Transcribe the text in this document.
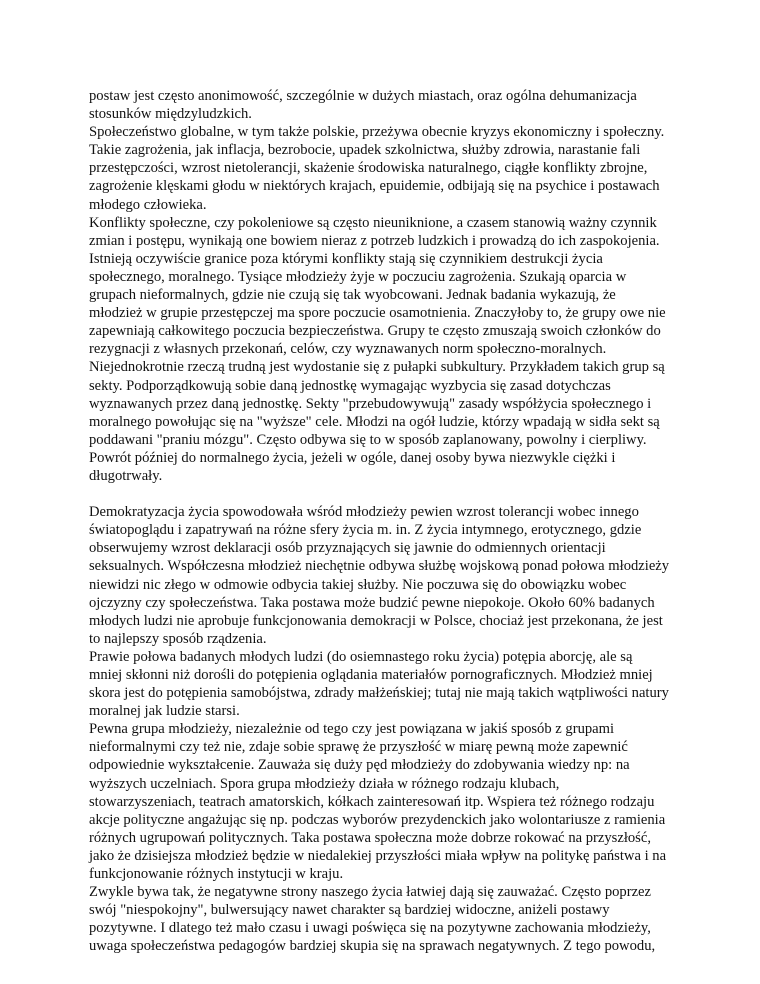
postaw jest często anonimowość, szczególnie w dużych miastach, oraz ogólna dehumanizacja
stosunków międzyludzkich.

Społeczeństwo globalne, w tym także polskie, przeżywa obecnie kryzys ekonomiczny i społeczny.
Takie zagrożenia, jak inflacja, bezrobocie, upadek szkolnictwa, służby zdrowia, narastanie fali
przestępczości, wzrost nietolerancji, skażenie środowiska naturalnego, ciągłe konflikty zbrojne,
zagrożenie klęskami głodu w niektórych krajach, epuidemie, odbijają się na psychice i postawach
młodego człowieka.

Konflikty społeczne, czy pokoleniowe są często nieuniknione, a czasem stanowią ważny czynnik
zmian i postępu, wynikają one bowiem nieraz z potrzeb ludzkich i prowadzą do ich zaspokojenia.
Istnieją oczywiście granice poza którymi konflikty stają się czynnikiem destrukcji życia
społecznego, moralnego. Tysiące młodzieży żyje w poczuciu zagrożenia. Szukają oparcia w
grupach nieformalnych, gdzie nie czują się tak wyobcowani. Jednak badania wykazują, że
młodzież w grupie przestępczej ma spore poczucie osamotnienia. Znaczyłoby to, że grupy owe nie
zapewniają całkowitego poczucia bezpieczeństwa. Grupy te często zmuszają swoich członków do
rezygnacji z własnych przekonań, celów, czy wyznawanych norm społeczno-moralnych.

Niejednokrotnie rzeczą trudną jest wydostanie się z pułapki subkultury. Przykładem takich grup są
sekty. Podporządkowują sobie daną jednostkę wymagając wyzbycia się zasad dotychczas
wyznawanych przez daną jednostkę. Sekty "przebudowywują" zasady współżycia społecznego i
moralnego powołując się na "wyższe" cele. Młodzi na ogół ludzie, którzy wpadają w sidła sekt są
poddawani "praniu mózgu". Często odbywa się to w sposób zaplanowany, powolny i cierpliwy.
Powrót później do normalnego życia, jeżeli w ogóle, danej osoby bywa niezwykle ciężki i
długotrwały.

Demokratyzacja życia spowodowała wśród młodzieży pewien wzrost tolerancji wobec innego
światopoglądu i zapatrywań na różne sfery życia m. in. Z życia intymnego, erotycznego, gdzie
obserwujemy wzrost deklaracji osób przyznających się jawnie do odmiennych orientacji
seksualnych. Współczesna młodzież niechętnie odbywa służbę wojskową ponad połowa młodzieży
niewidzi nic złego w odmowie odbycia takiej służby. Nie poczuwa się do obowiązku wobec
ojczyzny czy społeczeństwa. Taka postawa może budzić pewne niepokoje. Około 60% badanych
młodych ludzi nie aprobuje funkcjonowania demokracji w Polsce, chociaż jest przekonana, że jest
to najlepszy sposób rządzenia.

Prawie połowa badanych młodych ludzi (do osiemnastego roku życia) potępia aborcję, ale są
mniej skłonni niż dorośli do potępienia oglądania materiałów pornograficznych. Młodzież mniej
skora jest do potępienia samobójstwa, zdrady małżeńskiej; tutaj nie mają takich wątpliwości natury
moralnej jak ludzie starsi.

Pewna grupa młodzieży, niezależnie od tego czy jest powiązana w jakiś sposób z grupami
nieformalnymi czy też nie, zdaje sobie sprawę że przyszłość w miarę pewną może zapewnić
odpowiednie wykształcenie. Zauważa się duży pęd młodzieży do zdobywania wiedzy np: na
wyższych uczelniach. Spora grupa młodzieży działa w różnego rodzaju klubach,
stowarzyszeniach, teatrach amatorskich, kółkach zainteresowań itp. Wspiera też różnego rodzaju
akcje polityczne angażując się np. podczas wyborów prezydenckich jako wolontariusze z ramienia
różnych ugrupowań politycznych. Taka postawa społeczna może dobrze rokować na przyszłość,
jako że dzisiejsza młodzież będzie w niedalekiej przyszłości miała wpływ na politykę państwa i na
funkcjonowanie różnych instytucji w kraju.

Zwykle bywa tak, że negatywne strony naszego życia łatwiej dają się zauważać. Często poprzez
swój "niespokojny", bulwersujący nawet charakter są bardziej widoczne, aniżeli postawy
pozytywne. I dlatego też mało czasu i uwagi poświęca się na pozytywne zachowania młodzieży,
uwaga społeczeństwa pedagogów bardziej skupia się na sprawach negatywnych. Z tego powodu,
